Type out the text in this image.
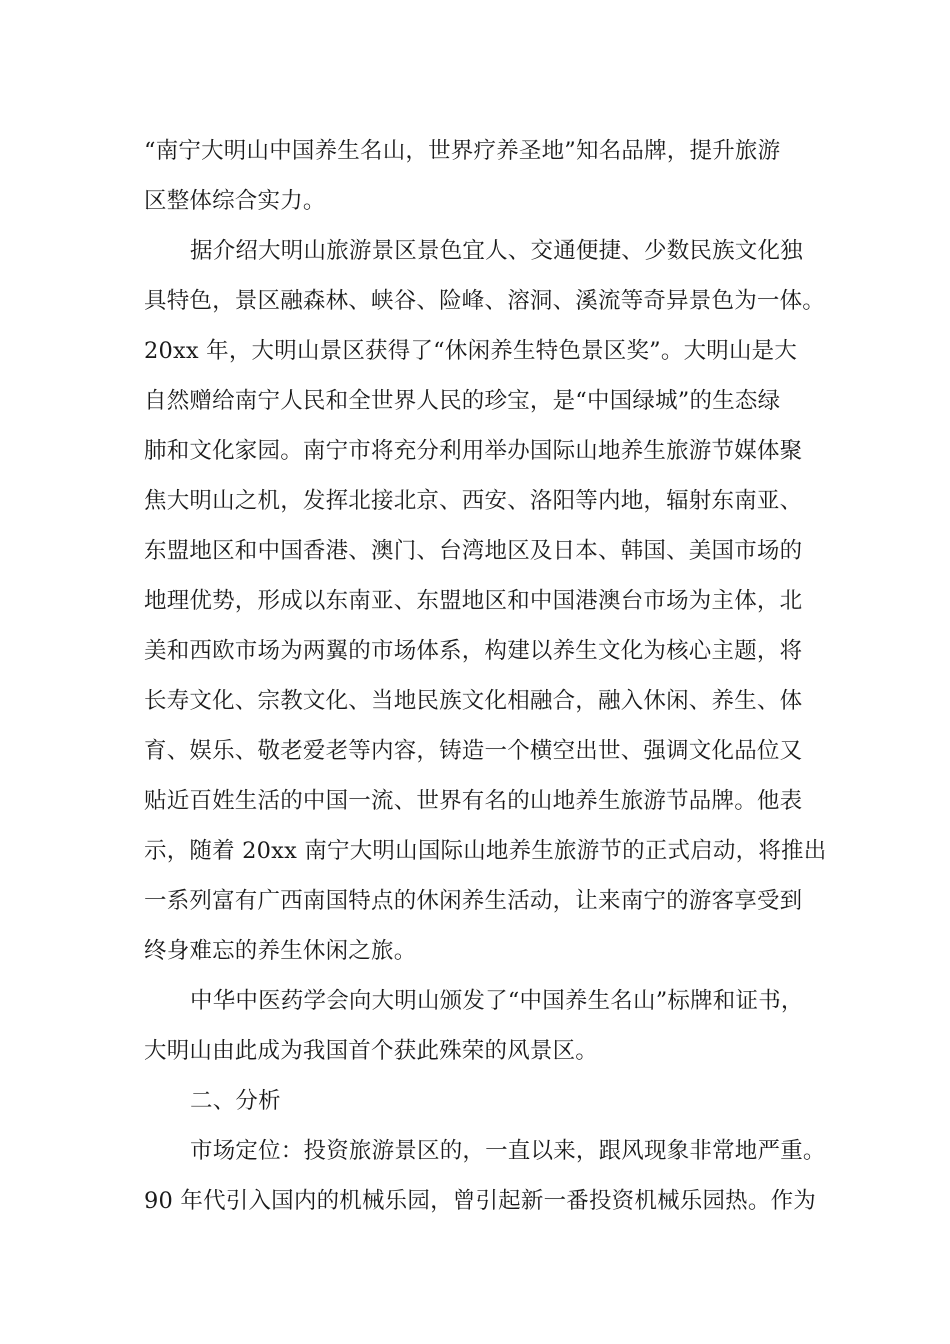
“南宁大明山中国养生名山，世界疗养圣地”知名品牌，提升旅游
区整体综合实力。
据介绍大明山旅游景区景色宜人、交通便捷、少数民族文化独
具特色，景区融森林、峡谷、险峰、溶洞、溪流等奇异景色为一体。
20xx 年，大明山景区获得了“休闲养生特色景区奖”。大明山是大
自然赠给南宁人民和全世界人民的珍宝，是“中国绿城”的生态绿
肺和文化家园。南宁市将充分利用举办国际山地养生旅游节媒体聚
焦大明山之机，发挥北接北京、西安、洛阳等内地，辐射东南亚、
东盟地区和中国香港、澳门、台湾地区及日本、韩国、美国市场的
地理优势，形成以东南亚、东盟地区和中国港澳台市场为主体，北
美和西欧市场为两翼的市场体系，构建以养生文化为核心主题，将
长寿文化、宗教文化、当地民族文化相融合，融入休闲、养生、体
育、娱乐、敬老爱老等内容，铸造一个横空出世、强调文化品位又
贴近百姓生活的中国一流、世界有名的山地养生旅游节品牌。他表
示，随着 20xx 南宁大明山国际山地养生旅游节的正式启动，将推出
一系列富有广西南国特点的休闲养生活动，让来南宁的游客享受到
终身难忘的养生休闲之旅。
中华中医药学会向大明山颁发了“中国养生名山”标牌和证书，
大明山由此成为我国首个获此殊荣的风景区。
二、分析
市场定位：投资旅游景区的，一直以来，跟风现象非常地严重。
90 年代引入国内的机械乐园，曾引起新一番投资机械乐园热。作为
